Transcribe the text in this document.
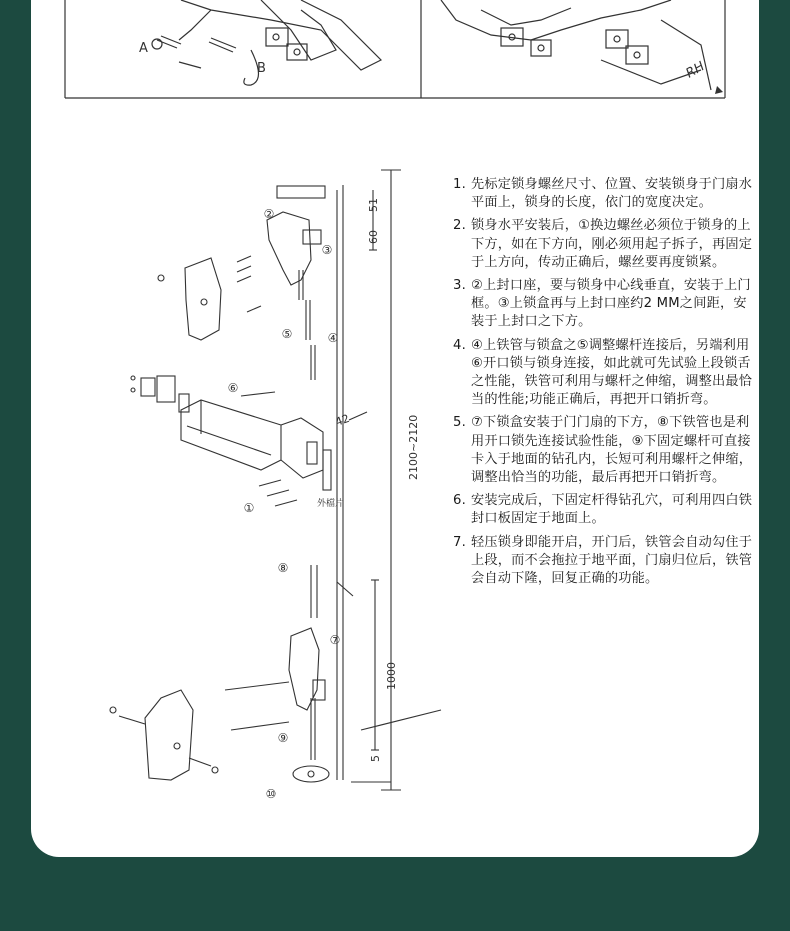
A
B	RH
②
③
⑤	④
⑥
①
⑧
⑦
⑨
⑩
51
60
42	2100~2120
1000
5
外檔片
1. 先标定锁身螺丝尺寸、位置、安装锁身于门扇水平面上，锁身的长度，依门的宽度决定。
2. 锁身水平安装后，①换边螺丝必须位于锁身的上下方，如在下方向，刚必须用起子拆子，再固定于上方向，传动正确后，螺丝要再度锁紧。
3. ②上封口座，要与锁身中心线垂直，安装于上门框。③上锁盒再与上封口座约2 MM之间距，安装于上封口之下方。
4. ④上铁管与锁盒之⑤调整螺杆连接后，另端利用⑥开口锁与锁身连接，如此就可先试验上段锁舌之性能，铁管可利用与螺杆之伸缩，调整出最恰当的性能;功能正确后，再把开口销折弯。
5. ⑦下锁盒安装于门门扇的下方，⑧下铁管也是利用开口锁先连接试验性能，⑨下固定螺杆可直接卡入于地面的钻孔内，长短可利用螺杆之伸缩，调整出恰当的功能，最后再把开口销折弯。
6. 安装完成后，下固定杆得钻孔穴，可利用四白铁封口板固定于地面上。
7. 轻压锁身即能开启，开门后，铁管会自动勾住于上段，而不会拖拉于地平面，门扇归位后，铁管会自动下隆，回复正确的功能。
